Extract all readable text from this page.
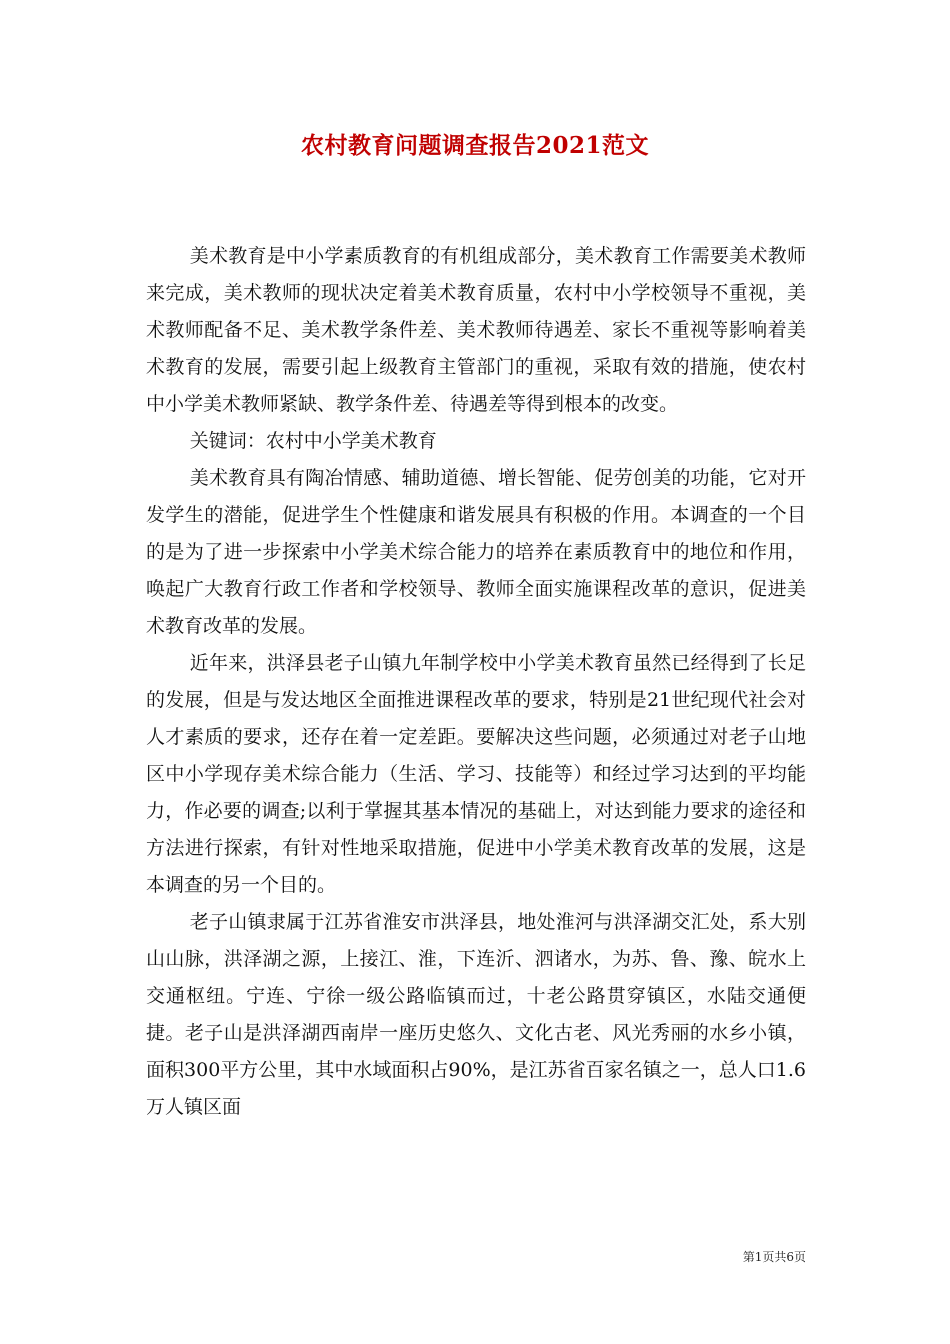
农村教育问题调查报告2021范文

美术教育是中小学素质教育的有机组成部分，美术教育工作需要美术教师来完成，美术教师的现状决定着美术教育质量，农村中小学校领导不重视，美术教师配备不足、美术教学条件差、美术教师待遇差、家长不重视等影响着美术教育的发展，需要引起上级教育主管部门的重视，采取有效的措施，使农村中小学美术教师紧缺、教学条件差、待遇差等得到根本的改变。

关键词：农村中小学美术教育

美术教育具有陶冶情感、辅助道德、增长智能、促劳创美的功能，它对开发学生的潜能，促进学生个性健康和谐发展具有积极的作用。本调查的一个目的是为了进一步探索中小学美术综合能力的培养在素质教育中的地位和作用，唤起广大教育行政工作者和学校领导、教师全面实施课程改革的意识，促进美术教育改革的发展。

近年来，洪泽县老子山镇九年制学校中小学美术教育虽然已经得到了长足的发展，但是与发达地区全面推进课程改革的要求，特别是21世纪现代社会对人才素质的要求，还存在着一定差距。要解决这些问题，必须通过对老子山地区中小学现存美术综合能力（生活、学习、技能等）和经过学习达到的平均能力，作必要的调查;以利于掌握其基本情况的基础上，对达到能力要求的途径和方法进行探索，有针对性地采取措施，促进中小学美术教育改革的发展，这是本调查的另一个目的。

老子山镇隶属于江苏省淮安市洪泽县，地处淮河与洪泽湖交汇处，系大别山山脉，洪泽湖之源，上接江、淮，下连沂、泗诸水，为苏、鲁、豫、皖水上交通枢纽。宁连、宁徐一级公路临镇而过，十老公路贯穿镇区，水陆交通便捷。老子山是洪泽湖西南岸一座历史悠久、文化古老、风光秀丽的水乡小镇，面积300平方公里，其中水域面积占90%，是江苏省百家名镇之一，总人口1.6万人镇区面

第1页共6页
